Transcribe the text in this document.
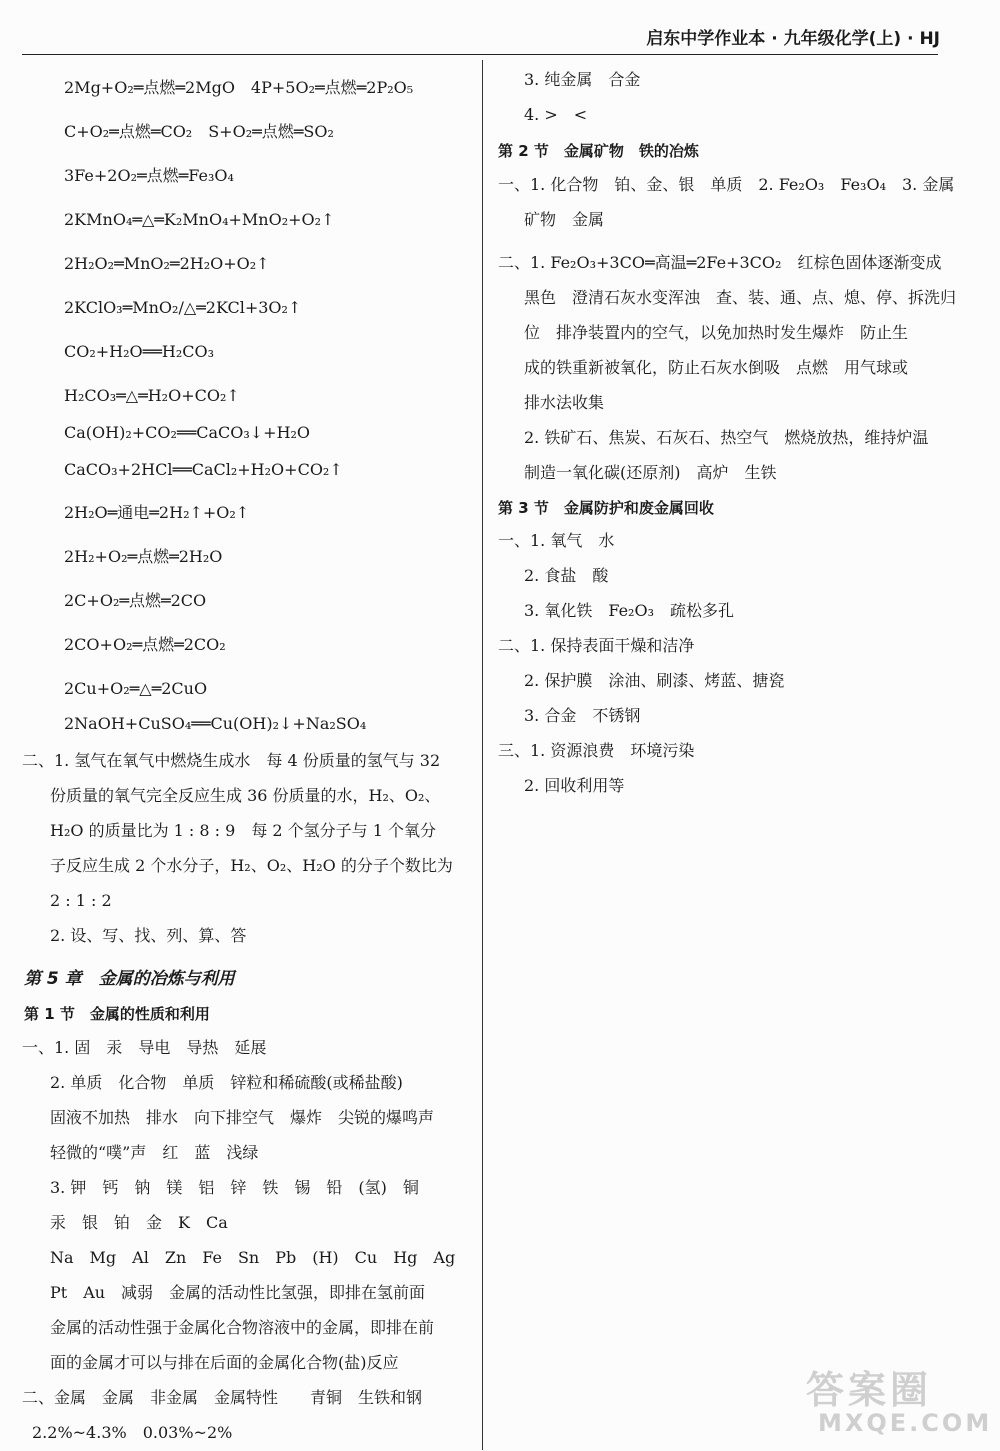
启东中学作业本 · 九年级化学(上) · HJ
2Mg+O₂═点燃═2MgO　4P+5O₂═点燃═2P₂O₅
C+O₂═点燃═CO₂　S+O₂═点燃═SO₂
3Fe+2O₂═点燃═Fe₃O₄
2KMnO₄═△═K₂MnO₄+MnO₂+O₂↑
2H₂O₂═MnO₂═2H₂O+O₂↑
2KClO₃═MnO₂/△═2KCl+3O₂↑
CO₂+H₂O══H₂CO₃
H₂CO₃═△═H₂O+CO₂↑
Ca(OH)₂+CO₂══CaCO₃↓+H₂O
CaCO₃+2HCl══CaCl₂+H₂O+CO₂↑
2H₂O═通电═2H₂↑+O₂↑
2H₂+O₂═点燃═2H₂O
2C+O₂═点燃═2CO
2CO+O₂═点燃═2CO₂
2Cu+O₂═△═2CuO
2NaOH+CuSO₄══Cu(OH)₂↓+Na₂SO₄
二、1. 氢气在氧气中燃烧生成水　每 4 份质量的氢气与 32
份质量的氧气完全反应生成 36 份质量的水，H₂、O₂、
H₂O 的质量比为 1 : 8 : 9　每 2 个氢分子与 1 个氧分
子反应生成 2 个水分子，H₂、O₂、H₂O 的分子个数比为
2 : 1 : 2
2. 设、写、找、列、算、答
第 5 章　金属的冶炼与利用
第 1 节　金属的性质和利用
一、1. 固　汞　导电　导热　延展
2. 单质　化合物　单质　锌粒和稀硫酸(或稀盐酸)
固液不加热　排水　向下排空气　爆炸　尖锐的爆鸣声
轻微的“噗”声　红　蓝　浅绿
3. 钾　钙　钠　镁　铝　锌　铁　锡　铅　(氢)　铜
汞　银　铂　金　K　Ca
Na　Mg　Al　Zn　Fe　Sn　Pb　(H)　Cu　Hg　Ag
Pt　Au　减弱　金属的活动性比氢强，即排在氢前面
金属的活动性强于金属化合物溶液中的金属，即排在前
面的金属才可以与排在后面的金属化合物(盐)反应
二、金属　金属　非金属　金属特性　　青铜　生铁和钢
2.2%~4.3%　0.03%~2%
3. 纯金属　合金
4. >　<
第 2 节　金属矿物　铁的冶炼
一、1. 化合物　铂、金、银　单质　2. Fe₂O₃　Fe₃O₄　3. 金属
矿物　金属
二、1. Fe₂O₃+3CO═高温═2Fe+3CO₂　红棕色固体逐渐变成
黑色　澄清石灰水变浑浊　查、装、通、点、熄、停、拆洗归
位　排净装置内的空气，以免加热时发生爆炸　防止生
成的铁重新被氧化，防止石灰水倒吸　点燃　用气球或
排水法收集
2. 铁矿石、焦炭、石灰石、热空气　燃烧放热，维持炉温
制造一氧化碳(还原剂)　高炉　生铁
第 3 节　金属防护和废金属回收
一、1. 氧气　水
2. 食盐　酸
3. 氧化铁　Fe₂O₃　疏松多孔
二、1. 保持表面干燥和洁净
2. 保护膜　涂油、刷漆、烤蓝、搪瓷
3. 合金　不锈钢
三、1. 资源浪费　环境污染
2. 回收利用等
答案圈
MXQE.COM
